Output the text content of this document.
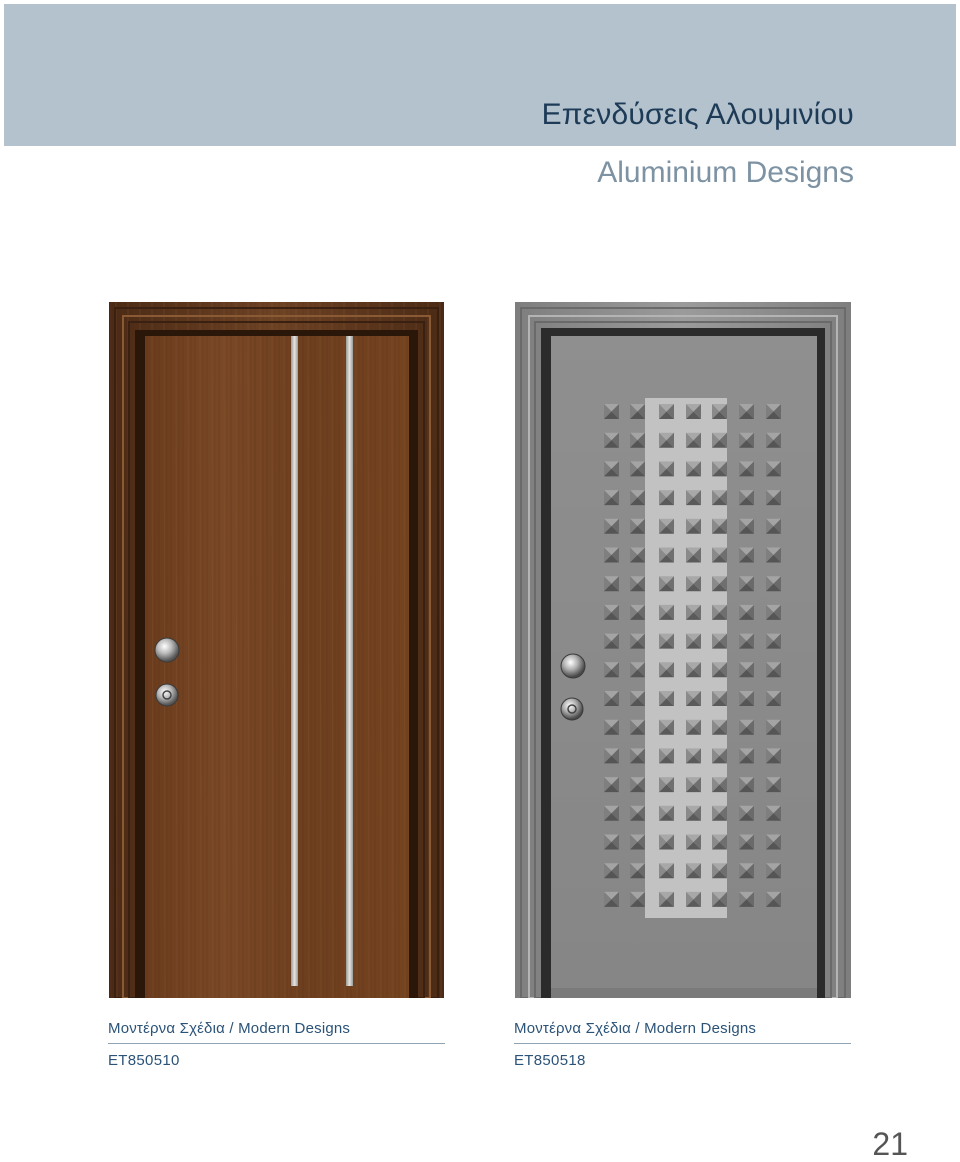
Επενδύσεις Αλουμινίου
Aluminium Designs
Μοντέρνα Σχέδια / Modern Designs
ET850510
Μοντέρνα Σχέδια / Modern Designs
ET850518
21
